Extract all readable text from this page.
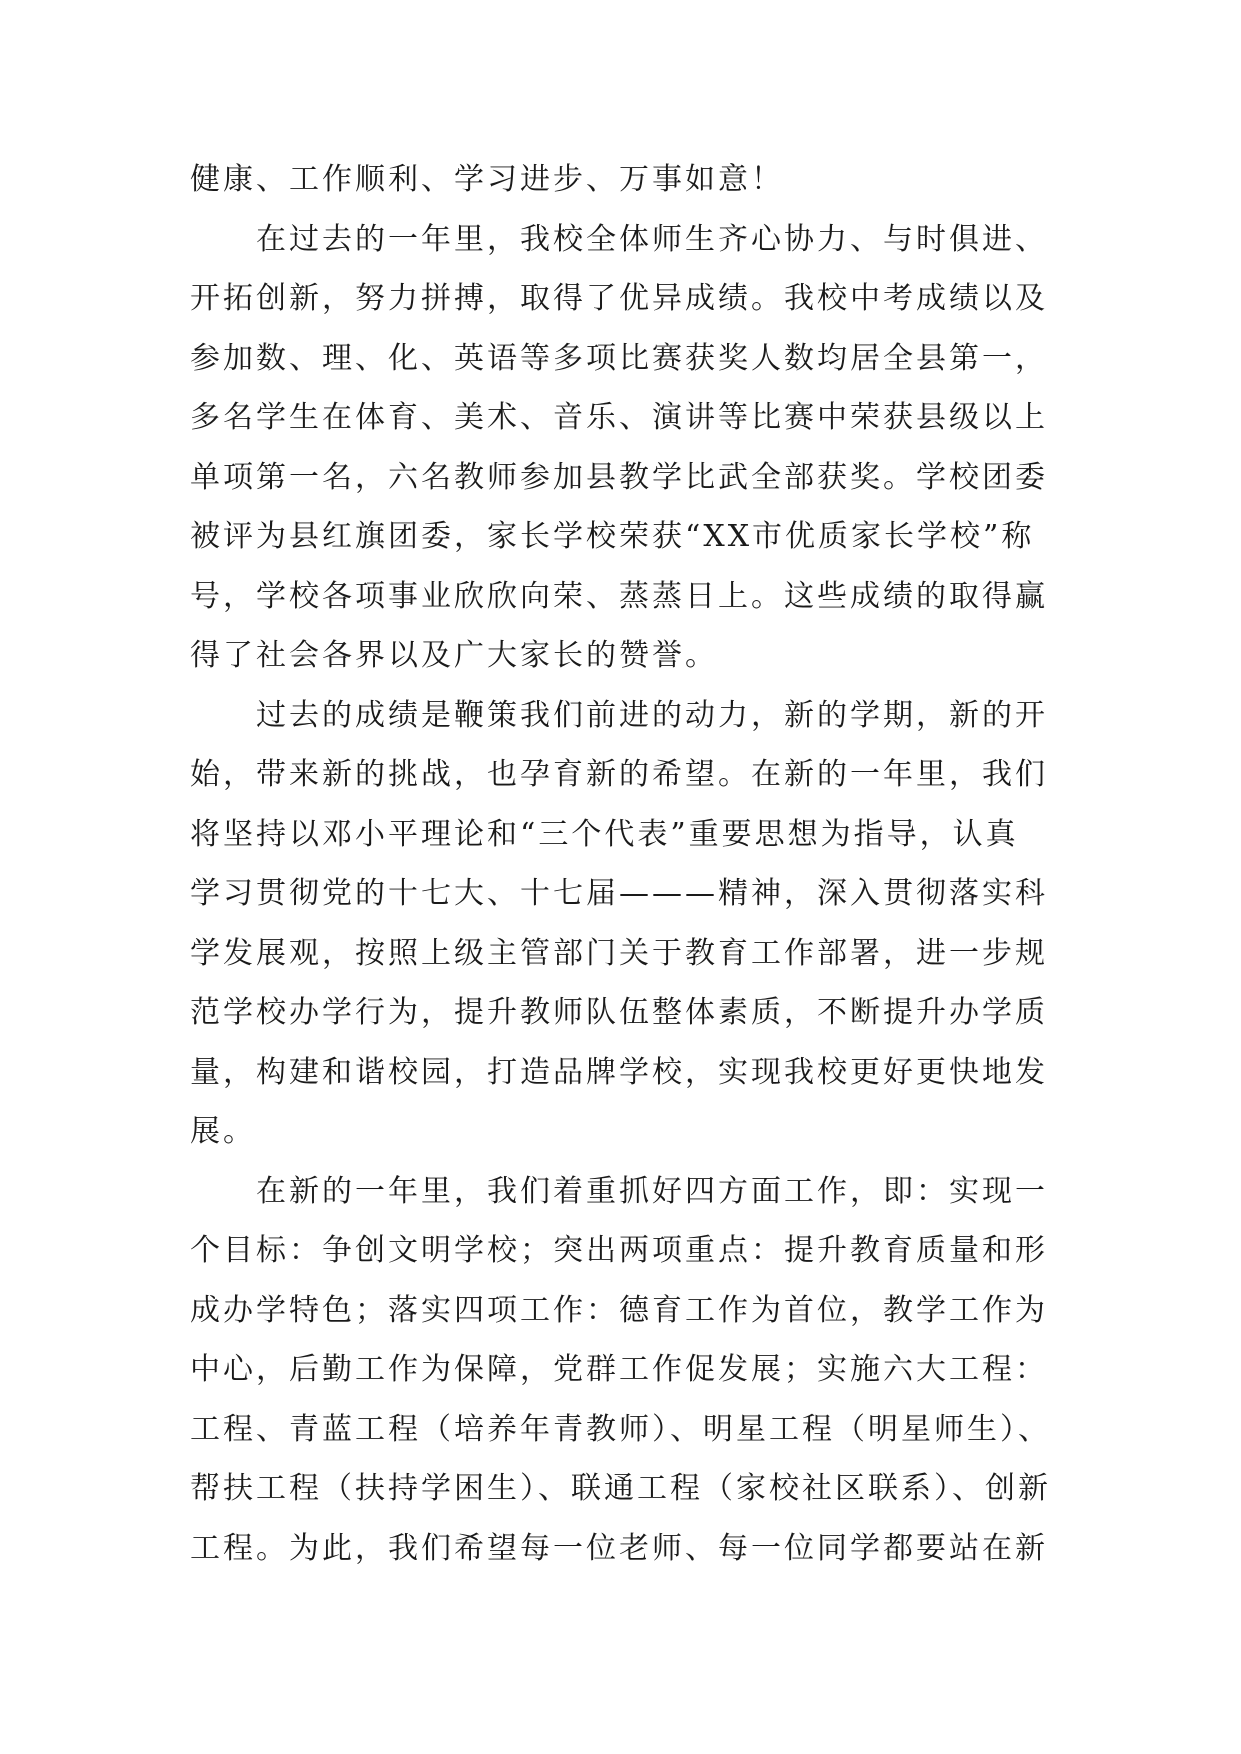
健康、工作顺利、学习进步、万事如意！
在过去的一年里，我校全体师生齐心协力、与时俱进、
开拓创新，努力拼搏，取得了优异成绩。我校中考成绩以及
参加数、理、化、英语等多项比赛获奖人数均居全县第一，
多名学生在体育、美术、音乐、演讲等比赛中荣获县级以上
单项第一名，六名教师参加县教学比武全部获奖。学校团委
被评为县红旗团委，家长学校荣获“XX市优质家长学校”称
号，学校各项事业欣欣向荣、蒸蒸日上。这些成绩的取得赢
得了社会各界以及广大家长的赞誉。
过去的成绩是鞭策我们前进的动力，新的学期，新的开
始，带来新的挑战，也孕育新的希望。在新的一年里，我们
将坚持以邓小平理论和“三个代表”重要思想为指导，认真
学习贯彻党的十七大、十七届———精神，深入贯彻落实科
学发展观，按照上级主管部门关于教育工作部署，进一步规
范学校办学行为，提升教师队伍整体素质，不断提升办学质
量，构建和谐校园，打造品牌学校，实现我校更好更快地发
展。
在新的一年里，我们着重抓好四方面工作，即：实现一
个目标：争创文明学校；突出两项重点：提升教育质量和形
成办学特色；落实四项工作：德育工作为首位，教学工作为
中心，后勤工作为保障，党群工作促发展；实施六大工程：
工程、青蓝工程（培养年青教师）、明星工程（明星师生）、
帮扶工程（扶持学困生）、联通工程（家校社区联系）、创新
工程。为此，我们希望每一位老师、每一位同学都要站在新
